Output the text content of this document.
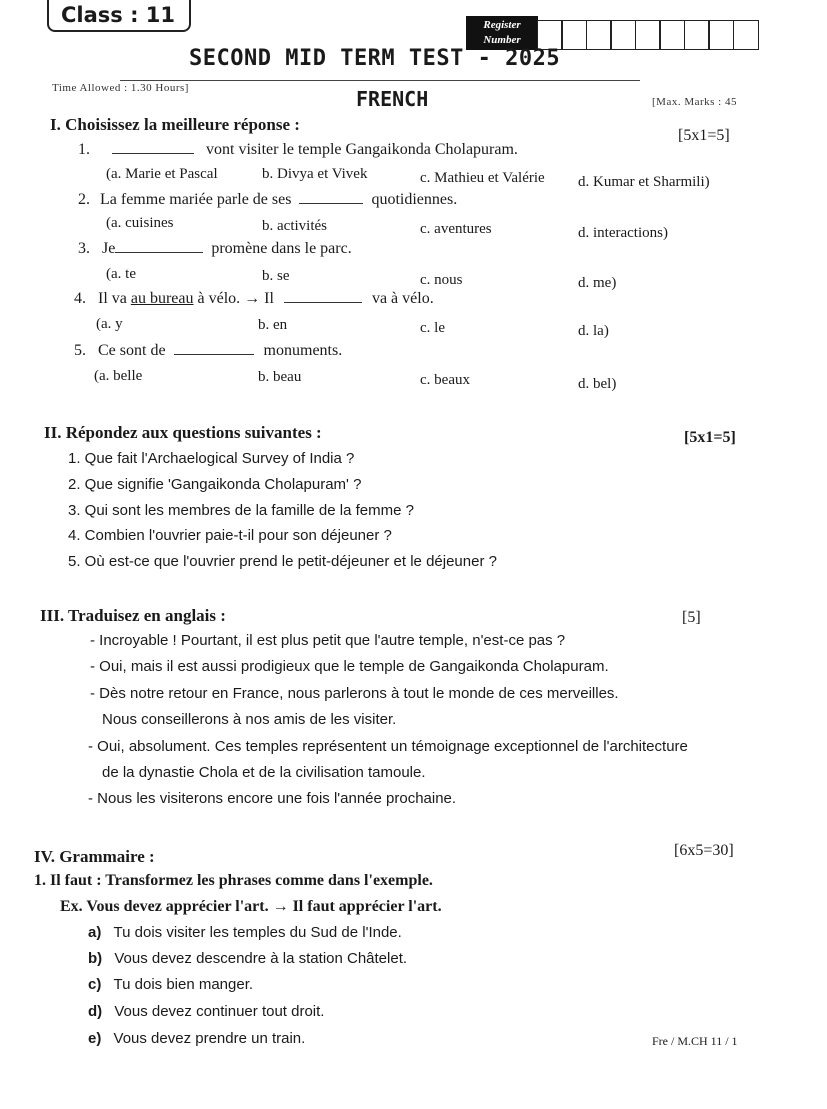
Class : 11	Register
Number
SECOND MID TERM TEST - 2025
Time Allowed : 1.30 Hours]	FRENCH	[Max. Marks : 45
I. Choisissez la meilleure réponse :
[5x1=5]
1.	vont visiter le temple Gangaikonda Cholapuram.
(a. Marie et Pascal	b. Divya et Vivek	c. Mathieu et Valérie d. Kumar et Sharmili)
2. La femme mariée parle de ses	quotidiennes.
(a. cuisines	b. activités	c. aventures	d. interactions)
3. Je	promène dans le parc.
(a. te	b. se	c. nous	d. me)
4. Il va au bureau à vélo. → Il	va à vélo.
(a. y	b. en	c. le	d. la)
5. Ce sont de	monuments.
(a. belle	b. beau	c. beaux	d. bel)
II. Répondez aux questions suivantes :	[5x1=5]
1. Que fait l'Archaelogical Survey of India ?
2. Que signifie 'Gangaikonda Cholapuram' ?
3. Qui sont les membres de la famille de la femme ?
4. Combien l'ouvrier paie-t-il pour son déjeuner ?
5. Où est-ce que l'ouvrier prend le petit-déjeuner et le déjeuner ?
III. Traduisez en anglais :	[5]
- Incroyable ! Pourtant, il est plus petit que l'autre temple, n'est-ce pas ?
- Oui, mais il est aussi prodigieux que le temple de Gangaikonda Cholapuram.
- Dès notre retour en France, nous parlerons à tout le monde de ces merveilles.
Nous conseillerons à nos amis de les visiter.
- Oui, absolument. Ces temples représentent un témoignage exceptionnel de l'architecture
de la dynastie Chola et de la civilisation tamoule.
- Nous les visiterons encore une fois l'année prochaine.
IV. Grammaire :	[6x5=30]
1. Il faut : Transformez les phrases comme dans l'exemple.
Ex. Vous devez apprécier l'art. → Il faut apprécier l'art.
a) Tu dois visiter les temples du Sud de l'Inde.
b) Vous devez descendre à la station Châtelet.
c) Tu dois bien manger.
d) Vous devez continuer tout droit.
e) Vous devez prendre un train.	Fre / M.CH 11 / 1
